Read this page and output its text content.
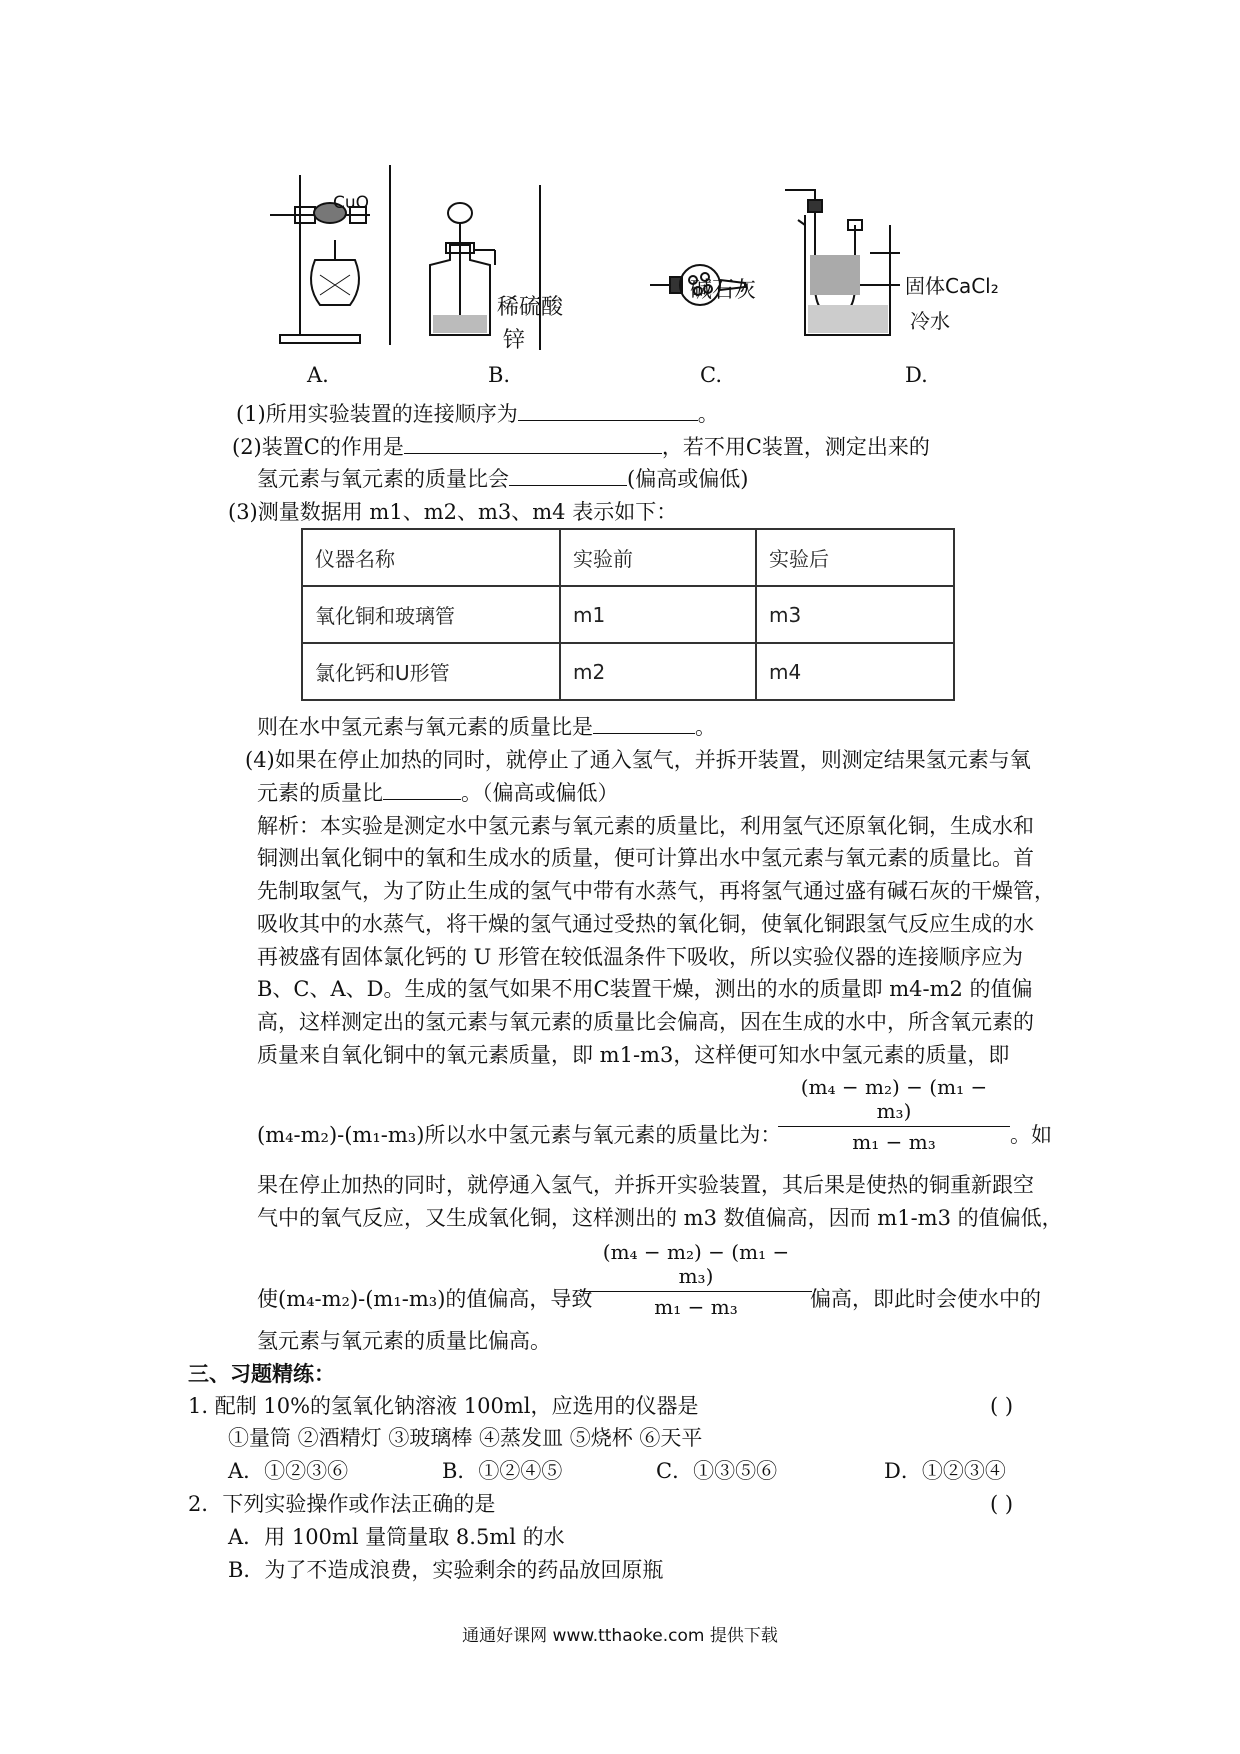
CuO
稀硫酸
锌
碱石灰	固体CaCl₂
冷水
A.	B.	C.	D.
(1)所用实验装置的连接顺序为	。
(2)装置C的作用是	，若不用C装置，测定出来的
氢元素与氧元素的质量比会	(偏高或偏低)
(3)测量数据用 m1、m2、m3、m4 表示如下：
仪器名称	实验前	实验后
氧化铜和玻璃管	m1	m3
氯化钙和U形管	m2	m4
则在水中氢元素与氧元素的质量比是	。
(4)如果在停止加热的同时，就停止了通入氢气，并拆开装置，则测定结果氢元素与氧
元素的质量比	。（偏高或偏低）
解析：本实验是测定水中氢元素与氧元素的质量比，利用氢气还原氧化铜，生成水和
铜测出氧化铜中的氧和生成水的质量，便可计算出水中氢元素与氧元素的质量比。首
先制取氢气，为了防止生成的氢气中带有水蒸气，再将氢气通过盛有碱石灰的干燥管，
吸收其中的水蒸气，将干燥的氢气通过受热的氧化铜，使氧化铜跟氢气反应生成的水
再被盛有固体氯化钙的 U 形管在较低温条件下吸收，所以实验仪器的连接顺序应为
B、C、A、D。生成的氢气如果不用C装置干燥，测出的水的质量即 m4-m2 的值偏
高，这样测定出的氢元素与氧元素的质量比会偏高，因在生成的水中，所含氧元素的
质量来自氧化铜中的氧元素质量，即 m1-m3，这样便可知水中氢元素的质量，即
$\frac{\text{(m₄ − m₂) − (m₁ − m₃)}}{\text{m₁ − m₃}}$
(m₄-m₂)-(m₁-m₃)所以水中氢元素与氧元素的质量比为：	。如
果在停止加热的同时，就停通入氢气，并拆开实验装置，其后果是使热的铜重新跟空
气中的氧气反应，又生成氧化铜，这样测出的 m3 数值偏高，因而 m1-m3 的值偏低，
$\frac{\text{(m₄ − m₂) − (m₁ − m₃)}}{\text{m₁ − m₃}}$
使(m₄-m₂)-(m₁-m₃)的值偏高，导致	偏高，即此时会使水中的
氢元素与氧元素的质量比偏高。
三、习题精练：
1. 配制 10%的氢氧化钠溶液 100ml，应选用的仪器是	( )
①量筒 ②酒精灯 ③玻璃棒 ④蒸发皿 ⑤烧杯 ⑥天平
A．①②③⑥	B．①②④⑤	C．①③⑤⑥	D．①②③④
2．下列实验操作或作法正确的是	( )
A．用 100ml 量筒量取 8.5ml 的水
B．为了不造成浪费，实验剩余的药品放回原瓶
通通好课网 www.tthaoke.com 提供下载
